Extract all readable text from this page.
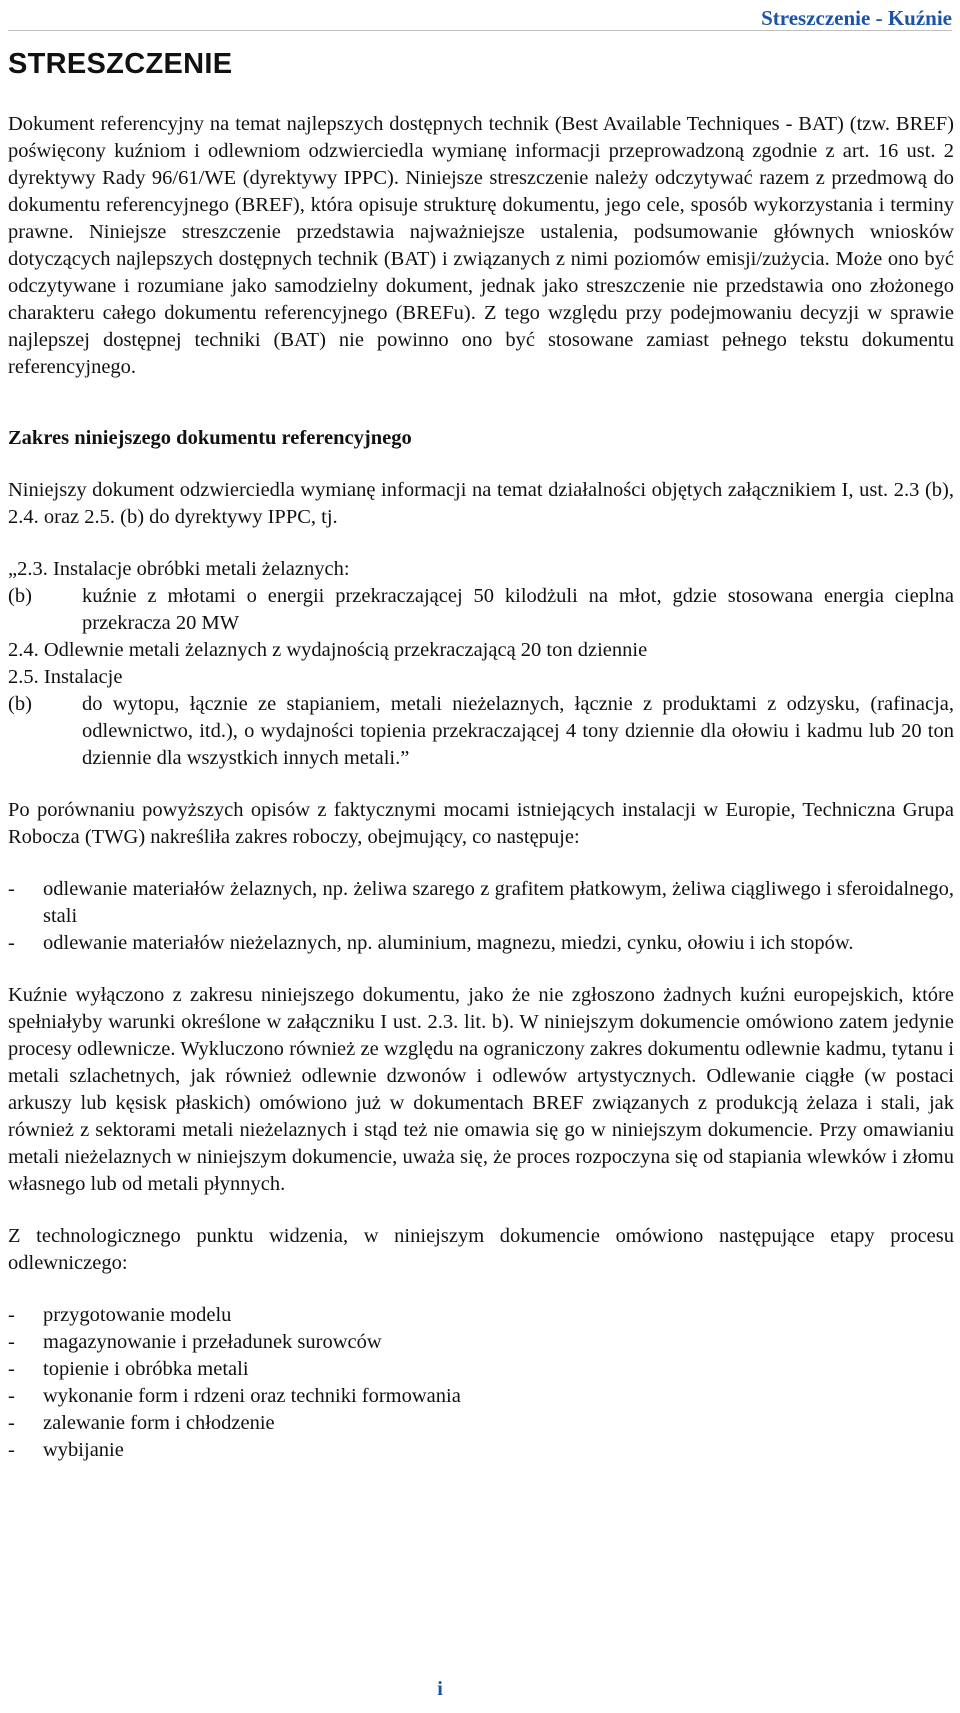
Streszczenie - Kuźnie
STRESZCZENIE

Dokument referencyjny na temat najlepszych dostępnych technik (Best Available Techniques - BAT) (tzw. BREF) poświęcony kuźniom i odlewniom odzwierciedla wymianę informacji przeprowadzoną zgodnie z art. 16 ust. 2 dyrektywy Rady 96/61/WE (dyrektywy IPPC). Niniejsze streszczenie należy odczytywać razem z przedmową do dokumentu referencyjnego (BREF), która opisuje strukturę dokumentu, jego cele, sposób wykorzystania i terminy prawne. Niniejsze streszczenie przedstawia najważniejsze ustalenia, podsumowanie głównych wniosków dotyczących najlepszych dostępnych technik (BAT) i związanych z nimi poziomów emisji/zużycia. Może ono być odczytywane i rozumiane jako samodzielny dokument, jednak jako streszczenie nie przedstawia ono złożonego charakteru całego dokumentu referencyjnego (BREFu). Z tego względu przy podejmowaniu decyzji w sprawie najlepszej dostępnej techniki (BAT) nie powinno ono być stosowane zamiast pełnego tekstu dokumentu referencyjnego.

Zakres niniejszego dokumentu referencyjnego

Niniejszy dokument odzwierciedla wymianę informacji na temat działalności objętych załącznikiem I, ust. 2.3 (b), 2.4. oraz 2.5. (b) do dyrektywy IPPC, tj.

„2.3. Instalacje obróbki metali żelaznych:

(b)	kuźnie z młotami o energii przekraczającej 50 kilodżuli na młot, gdzie stosowana energia cieplna przekracza 20 MW

2.4. Odlewnie metali żelaznych z wydajnością przekraczającą 20 ton dziennie

2.5. Instalacje

(b)	do wytopu, łącznie ze stapianiem, metali nieżelaznych, łącznie z produktami z odzysku, (rafinacja, odlewnictwo, itd.), o wydajności topienia przekraczającej 4 tony dziennie dla ołowiu i kadmu lub 20 ton dziennie dla wszystkich innych metali.”

Po porównaniu powyższych opisów z faktycznymi mocami istniejących instalacji w Europie, Techniczna Grupa Robocza (TWG) nakreśliła zakres roboczy, obejmujący, co następuje:

-	odlewanie materiałów żelaznych, np. żeliwa szarego z grafitem płatkowym, żeliwa ciągliwego i sferoidalnego, stali
-	odlewanie materiałów nieżelaznych, np. aluminium, magnezu, miedzi, cynku, ołowiu i ich stopów.

Kuźnie wyłączono z zakresu niniejszego dokumentu, jako że nie zgłoszono żadnych kuźni europejskich, które spełniałyby warunki określone w załączniku I ust. 2.3. lit. b). W niniejszym dokumencie omówiono zatem jedynie procesy odlewnicze. Wykluczono również ze względu na ograniczony zakres dokumentu odlewnie kadmu, tytanu i metali szlachetnych, jak również odlewnie dzwonów i odlewów artystycznych. Odlewanie ciągłe (w postaci arkuszy lub kęsisk płaskich) omówiono już w dokumentach BREF związanych z produkcją żelaza i stali, jak również z sektorami metali nieżelaznych i stąd też nie omawia się go w niniejszym dokumencie. Przy omawianiu metali nieżelaznych w niniejszym dokumencie, uważa się, że proces rozpoczyna się od stapiania wlewków i złomu własnego lub od metali płynnych.

Z technologicznego punktu widzenia, w niniejszym dokumencie omówiono następujące etapy procesu odlewniczego:

-	przygotowanie modelu
-	magazynowanie i przeładunek surowców
-	topienie i obróbka metali
-	wykonanie form i rdzeni oraz techniki formowania
-	zalewanie form i chłodzenie
-	wybijanie
i
